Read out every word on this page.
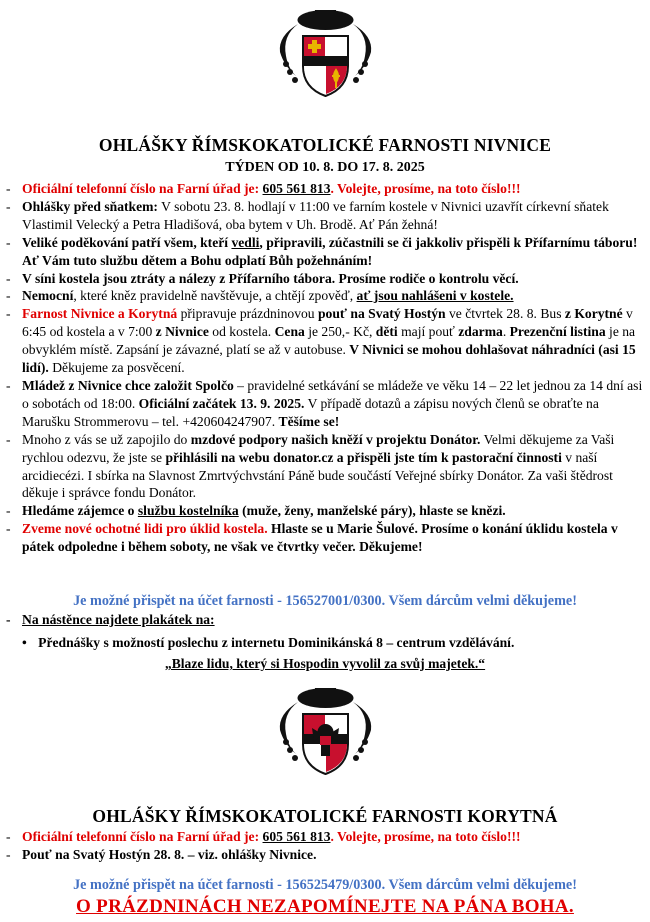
OHLÁŠKY ŘÍMSKOKATOLICKÉ FARNOSTI NIVNICE
TÝDEN OD 10. 8. DO 17. 8. 2025
- Oficiální telefonní číslo na Farní úřad je: 605 561 813. Volejte, prosíme, na toto číslo!!!
- Ohlášky před sňatkem: V sobotu 23. 8. hodlají v 11:00 ve farním kostele v Nivnici uzavřít církevní sňatek Vlastimil Velecký a Petra Hladišová, oba bytem v Uh. Brodě. Ať Pán žehná!
- Veliké poděkování patří všem, kteří vedli, připravili, zúčastnili se či jakkoliv přispěli k Přífarnímu táboru! Ať Vám tuto službu dětem a Bohu odplatí Bůh požehnáním!
- V síni kostela jsou ztráty a nálezy z Přífarního tábora. Prosíme rodiče o kontrolu věcí.
- Nemocní, které kněz pravidelně navštěvuje, a chtějí zpověď, ať jsou nahlášeni v kostele.
- Farnost Nivnice a Korytná připravuje prázdninovou pouť na Svatý Hostýn ve čtvrtek 28. 8. Bus z Korytné v 6:45 od kostela a v 7:00 z Nivnice od kostela. Cena je 250,- Kč, děti mají pouť zdarma. Prezenční listina je na obvyklém místě. Zapsání je závazné, platí se až v autobuse. V Nivnici se mohou dohlašovat náhradníci (asi 15 lidí). Děkujeme za posvěcení.
- Mládež z Nivnice chce založit Spolčo – pravidelné setkávání se mládeže ve věku 14 – 22 let jednou za 14 dní asi o sobotách od 18:00. Oficiální začátek 13. 9. 2025. V případě dotazů a zápisu nových členů se obraťte na Marušku Strommerovu – tel. +420604247907. Těšíme se!
- Mnoho z vás se už zapojilo do mzdové podpory našich kněží v projektu Donátor. Velmi děkujeme za Vaši rychlou odezvu, že jste se přihlásili na webu donator.cz a přispěli jste tím k pastorační činnosti v naší arcidiecézi. I sbírka na Slavnost Zmrtvýchvstání Páně bude součástí Veřejné sbírky Donátor. Za vaši štědrost děkuje i správce fondu Donátor.
- Hledáme zájemce o službu kostelníka (muže, ženy, manželské páry), hlaste se knězi.
- Zveme nové ochotné lidi pro úklid kostela. Hlaste se u Marie Šulové. Prosíme o konání úklidu kostela v pátek odpoledne i během soboty, ne však ve čtvrtky večer. Děkujeme!
Je možné přispět na účet farnosti - 156527001/0300. Všem dárcům velmi děkujeme!
- Na nástěnce najdete plakátek na:
• Přednášky s možností poslechu z internetu Dominikánská 8 – centrum vzdělávání.
„Blaze lidu, který si Hospodin vyvolil za svůj majetek.“
OHLÁŠKY ŘÍMSKOKATOLICKÉ FARNOSTI KORYTNÁ
- Oficiální telefonní číslo na Farní úřad je: 605 561 813. Volejte, prosíme, na toto číslo!!!
- Pouť na Svatý Hostýn 28. 8. – viz. ohlášky Nivnice.
Je možné přispět na účet farnosti - 156525479/0300. Všem dárcům velmi děkujeme!
O PRÁZDNINÁCH NEZAPOMÍNEJTE NA PÁNA BOHA.
